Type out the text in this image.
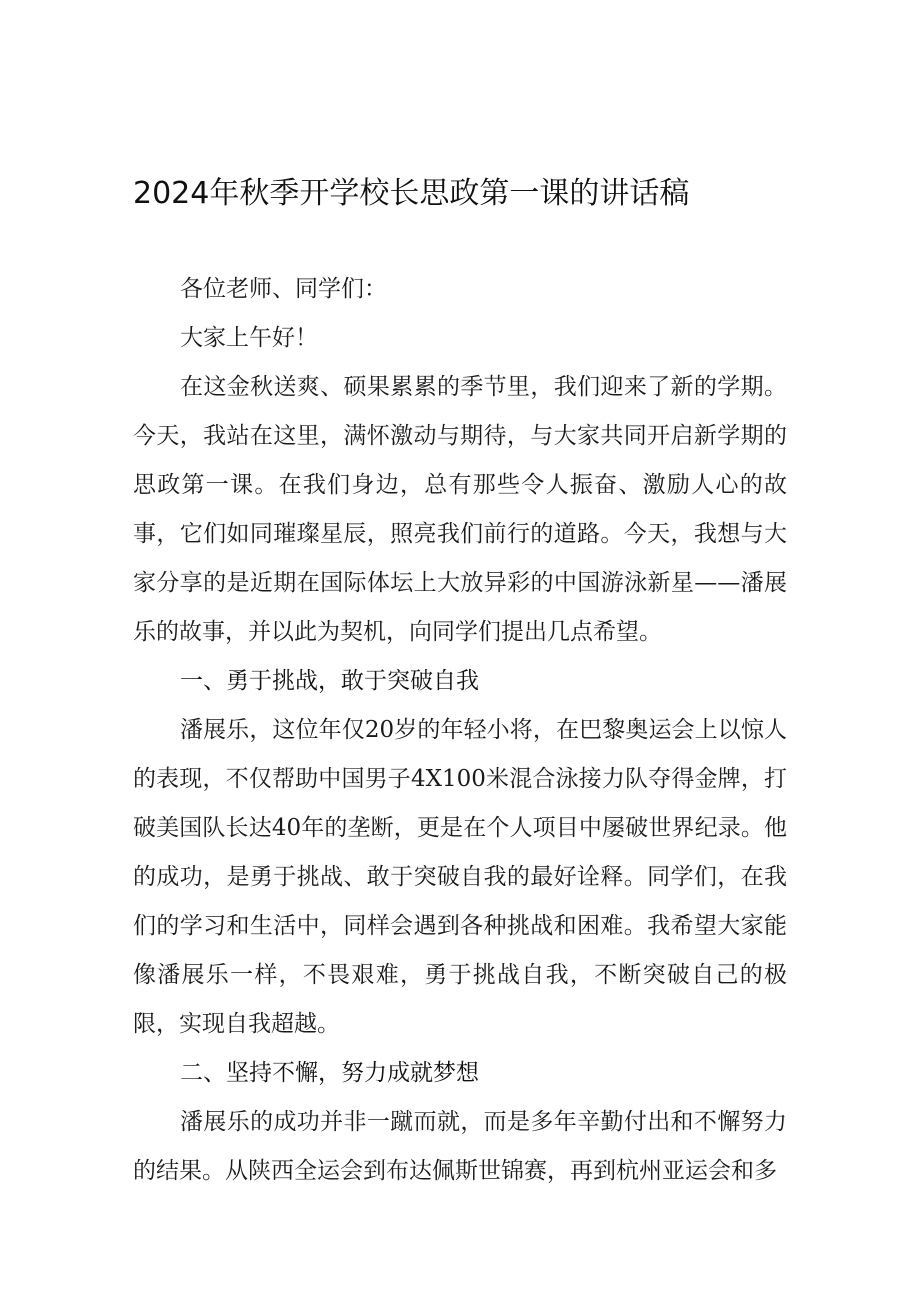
2024年秋季开学校长思政第一课的讲话稿

各位老师、同学们：

大家上午好！

在这金秋送爽、硕果累累的季节里，我们迎来了新的学期。今天，我站在这里，满怀激动与期待，与大家共同开启新学期的思政第一课。在我们身边，总有那些令人振奋、激励人心的故事，它们如同璀璨星辰，照亮我们前行的道路。今天，我想与大家分享的是近期在国际体坛上大放异彩的中国游泳新星——潘展乐的故事，并以此为契机，向同学们提出几点希望。

一、勇于挑战，敢于突破自我

潘展乐，这位年仅20岁的年轻小将，在巴黎奥运会上以惊人的表现，不仅帮助中国男子4X100米混合泳接力队夺得金牌，打破美国队长达40年的垄断，更是在个人项目中屡破世界纪录。他的成功，是勇于挑战、敢于突破自我的最好诠释。同学们，在我们的学习和生活中，同样会遇到各种挑战和困难。我希望大家能像潘展乐一样，不畏艰难，勇于挑战自我，不断突破自己的极限，实现自我超越。

二、坚持不懈，努力成就梦想

潘展乐的成功并非一蹴而就，而是多年辛勤付出和不懈努力的结果。从陕西全运会到布达佩斯世锦赛，再到杭州亚运会和多
